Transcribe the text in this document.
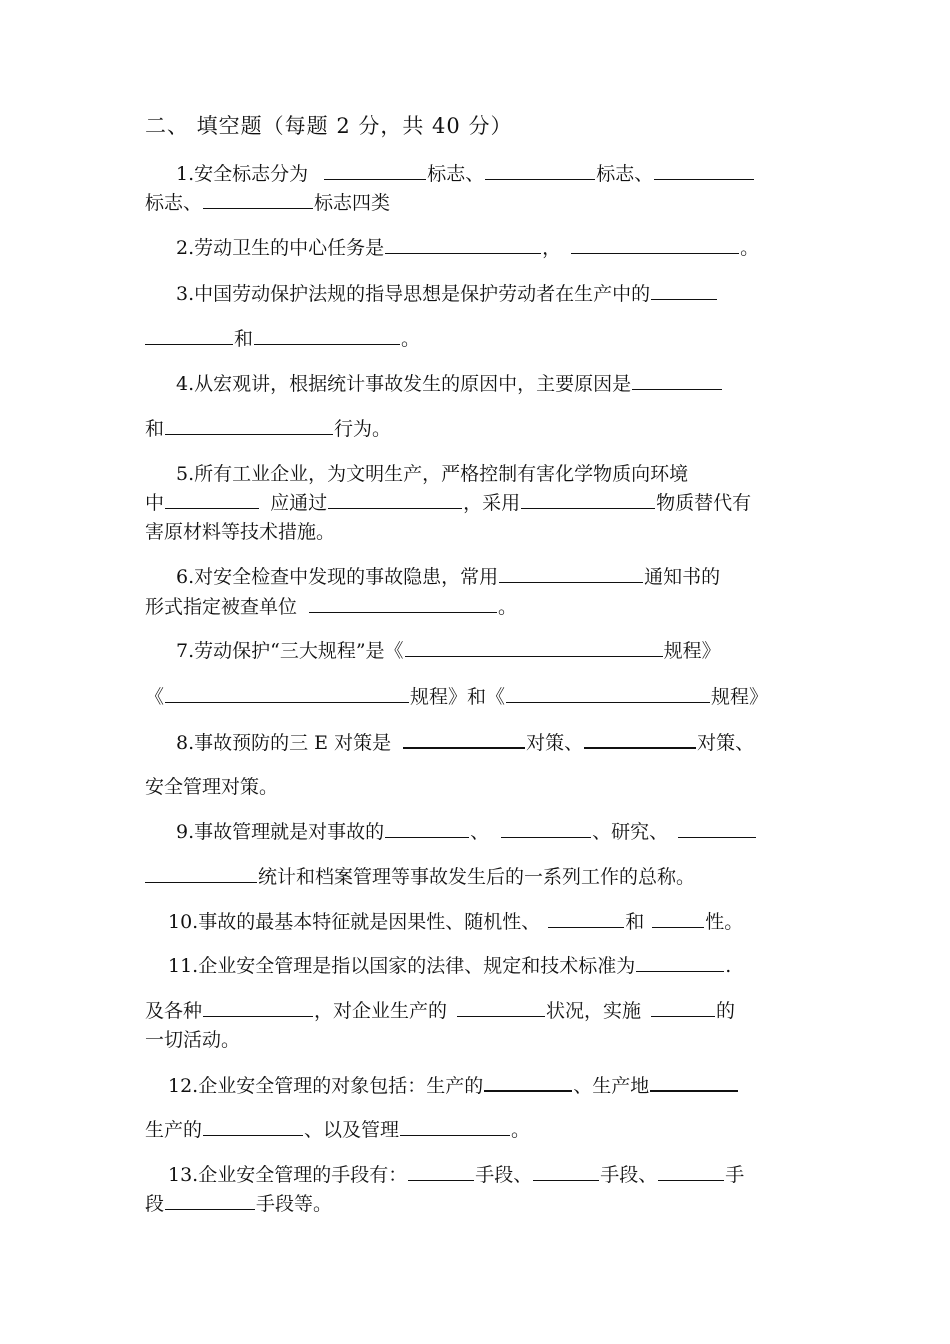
二、 填空题（每题 2 分，共 40 分）
1.安全标志分为	标志、	标志、
标志、	标志四类
2.劳动卫生的中心任务是	，	。
3.中国劳动保护法规的指导思想是保护劳动者在生产中的
和	。
4.从宏观讲，根据统计事故发生的原因中，主要原因是
和	行为。
5.所有工业企业，为文明生产，严格控制有害化学物质向环境
中	应通过	，采用	物质替代有
害原材料等技术措施。
6.对安全检查中发现的事故隐患，常用	通知书的
形式指定被查单位	。
7.劳动保护“三大规程”是《	规程》
《	规程》和《	规程》
8.事故预防的三 E 对策是	对策、	对策、
安全管理对策。
9.事故管理就是对事故的	、	、研究、
统计和档案管理等事故发生后的一系列工作的总称。
10.事故的最基本特征就是因果性、随机性、	和	性。
11.企业安全管理是指以国家的法律、规定和技术标准为	.
及各种	，对企业生产的	状况，实施	的
一切活动。
12.企业安全管理的对象包括：生产的	、生产地
生产的	、以及管理	。
13.企业安全管理的手段有：	手段、	手段、	手
段	手段等。
